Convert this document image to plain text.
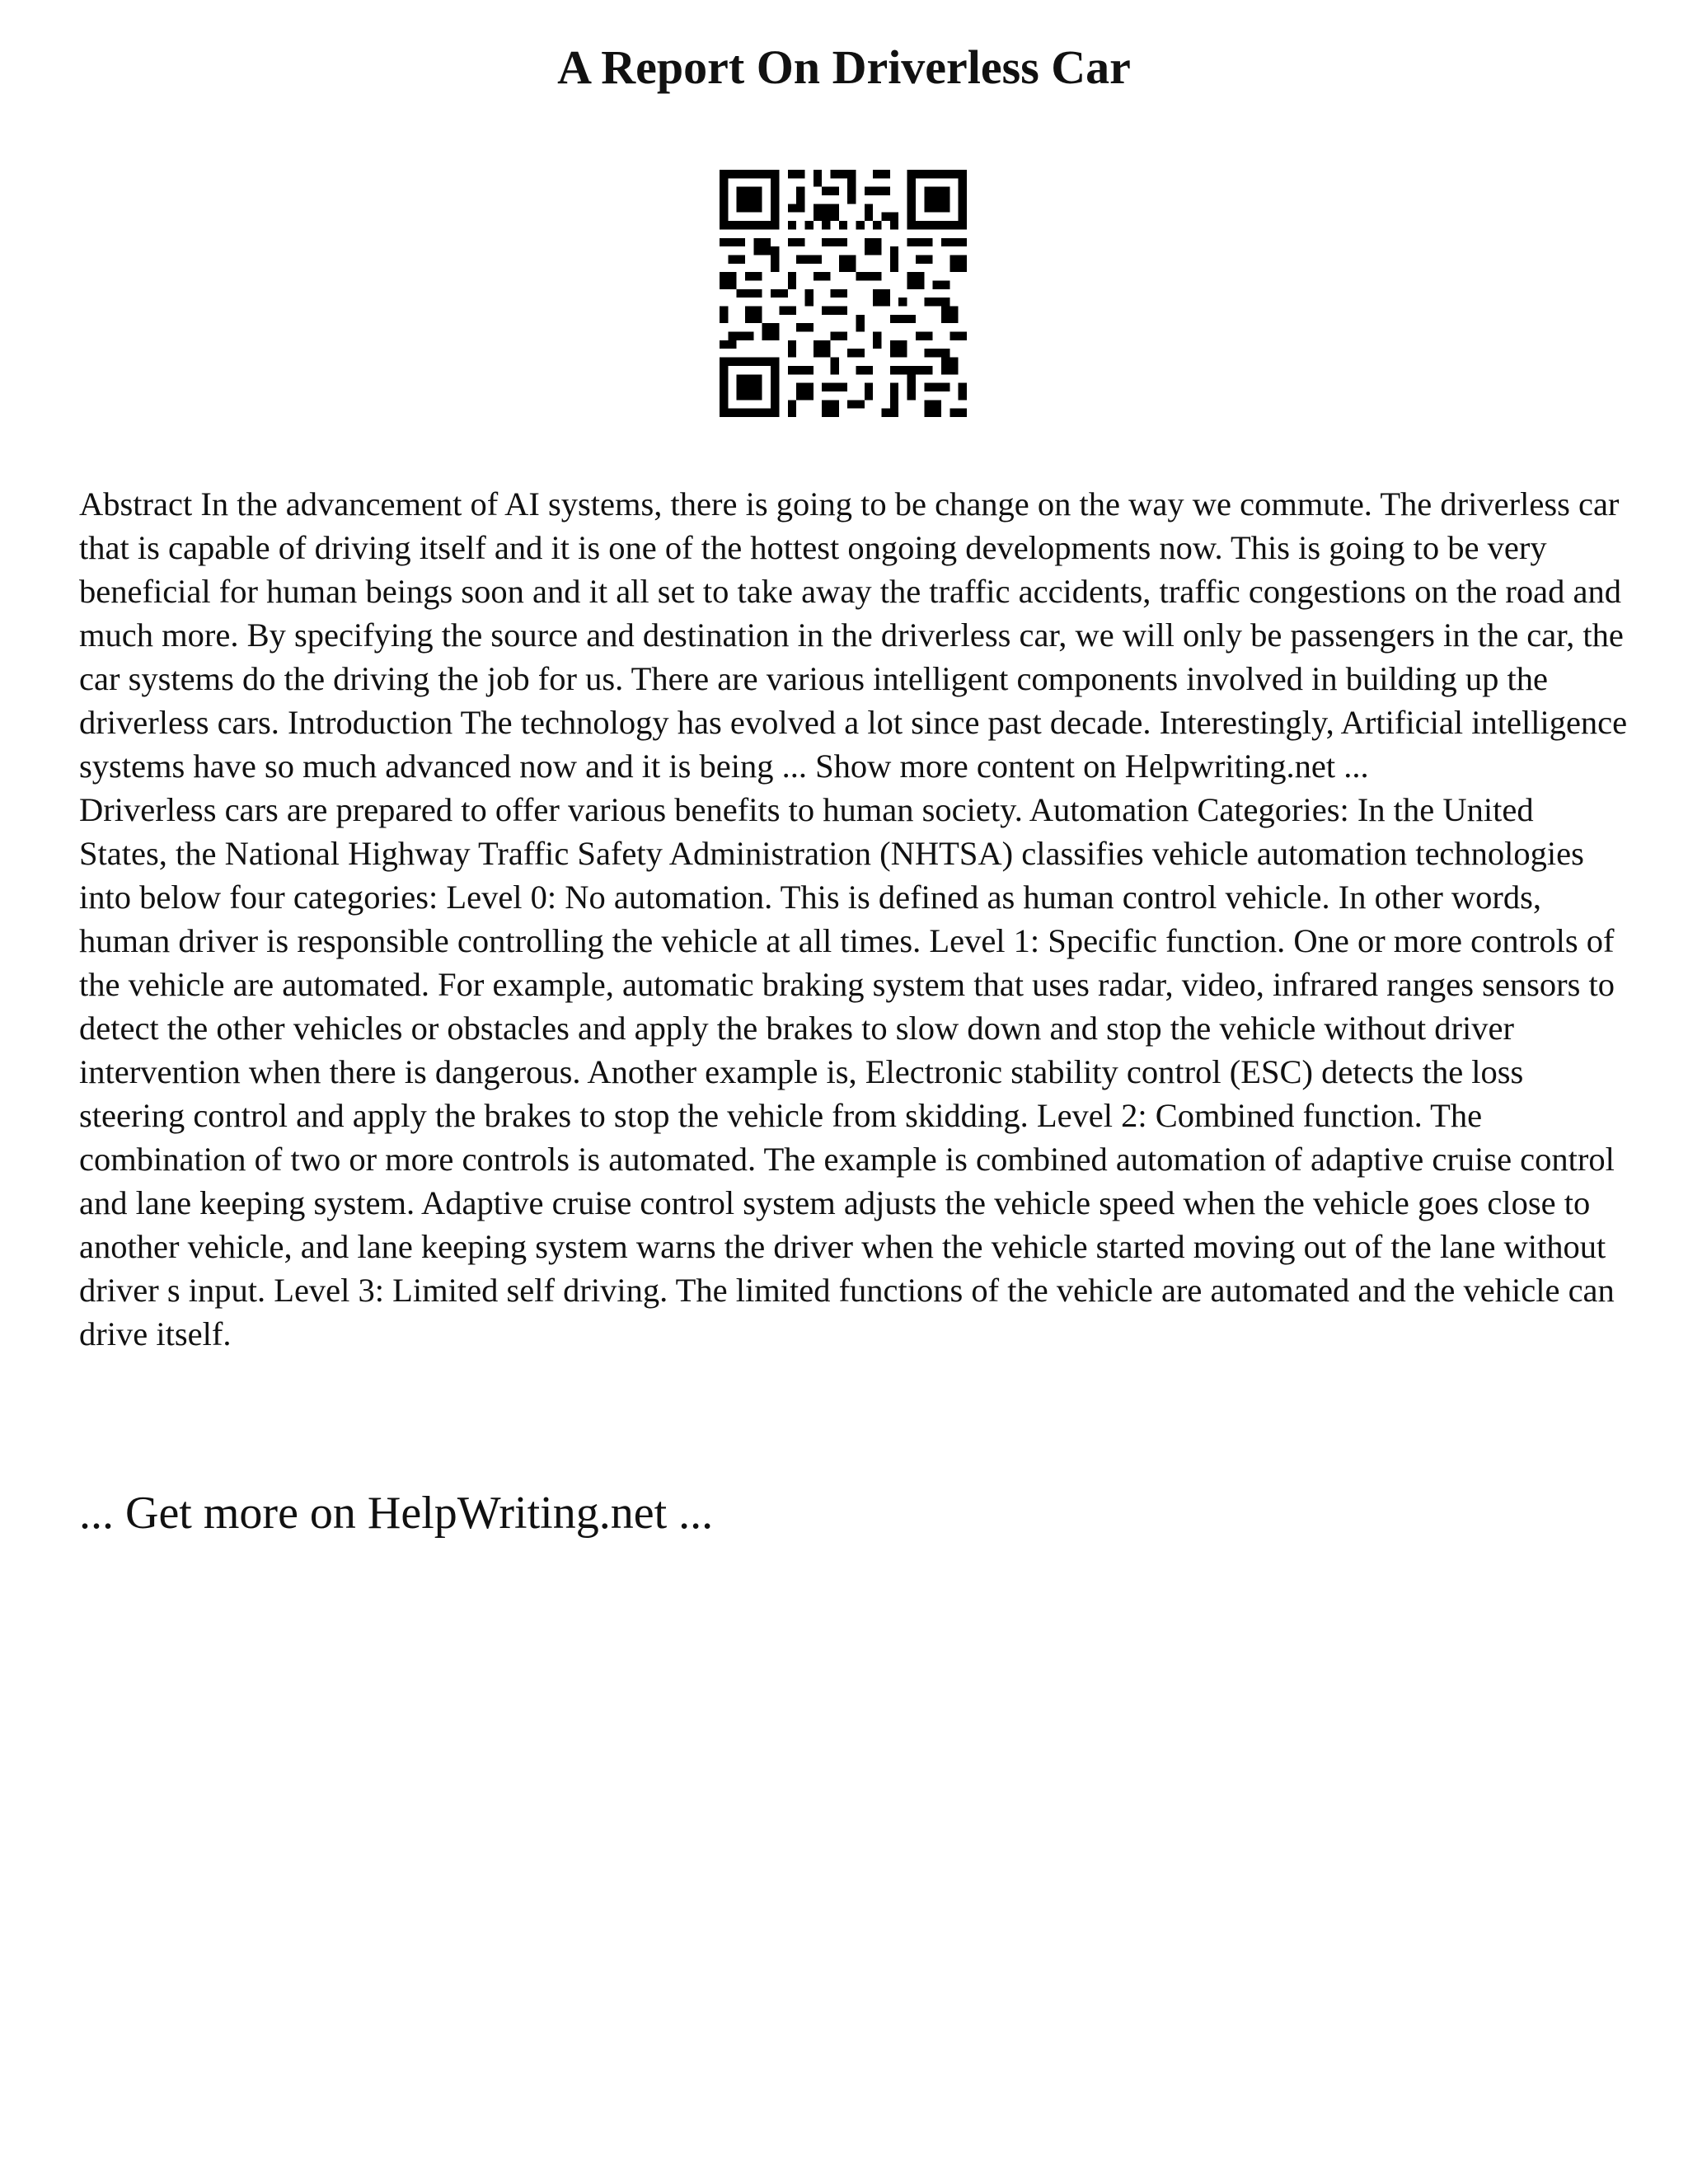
A Report On Driverless Car

Abstract In the advancement of AI systems, there is going to be change on the way we commute. The driverless car that is capable of driving itself and it is one of the hottest ongoing developments now. This is going to be very beneficial for human beings soon and it all set to take away the traffic accidents, traffic congestions on the road and much more. By specifying the source and destination in the driverless car, we will only be passengers in the car, the car systems do the driving the job for us. There are various intelligent components involved in building up the driverless cars. Introduction The technology has evolved a lot since past decade. Interestingly, Artificial intelligence systems have so much advanced now and it is being ... Show more content on Helpwriting.net ...

Driverless cars are prepared to offer various benefits to human society. Automation Categories: In the United States, the National Highway Traffic Safety Administration (NHTSA) classifies vehicle automation technologies into below four categories: Level 0: No automation. This is defined as human control vehicle. In other words, human driver is responsible controlling the vehicle at all times. Level 1: Specific function. One or more controls of the vehicle are automated. For example, automatic braking system that uses radar, video, infrared ranges sensors to detect the other vehicles or obstacles and apply the brakes to slow down and stop the vehicle without driver intervention when there is dangerous. Another example is, Electronic stability control (ESC) detects the loss steering control and apply the brakes to stop the vehicle from skidding. Level 2: Combined function. The combination of two or more controls is automated. The example is combined automation of adaptive cruise control and lane keeping system. Adaptive cruise control system adjusts the vehicle speed when the vehicle goes close to another vehicle, and lane keeping system warns the driver when the vehicle started moving out of the lane without driver s input. Level 3: Limited self driving. The limited functions of the vehicle are automated and the vehicle can drive itself.

... Get more on HelpWriting.net ...
